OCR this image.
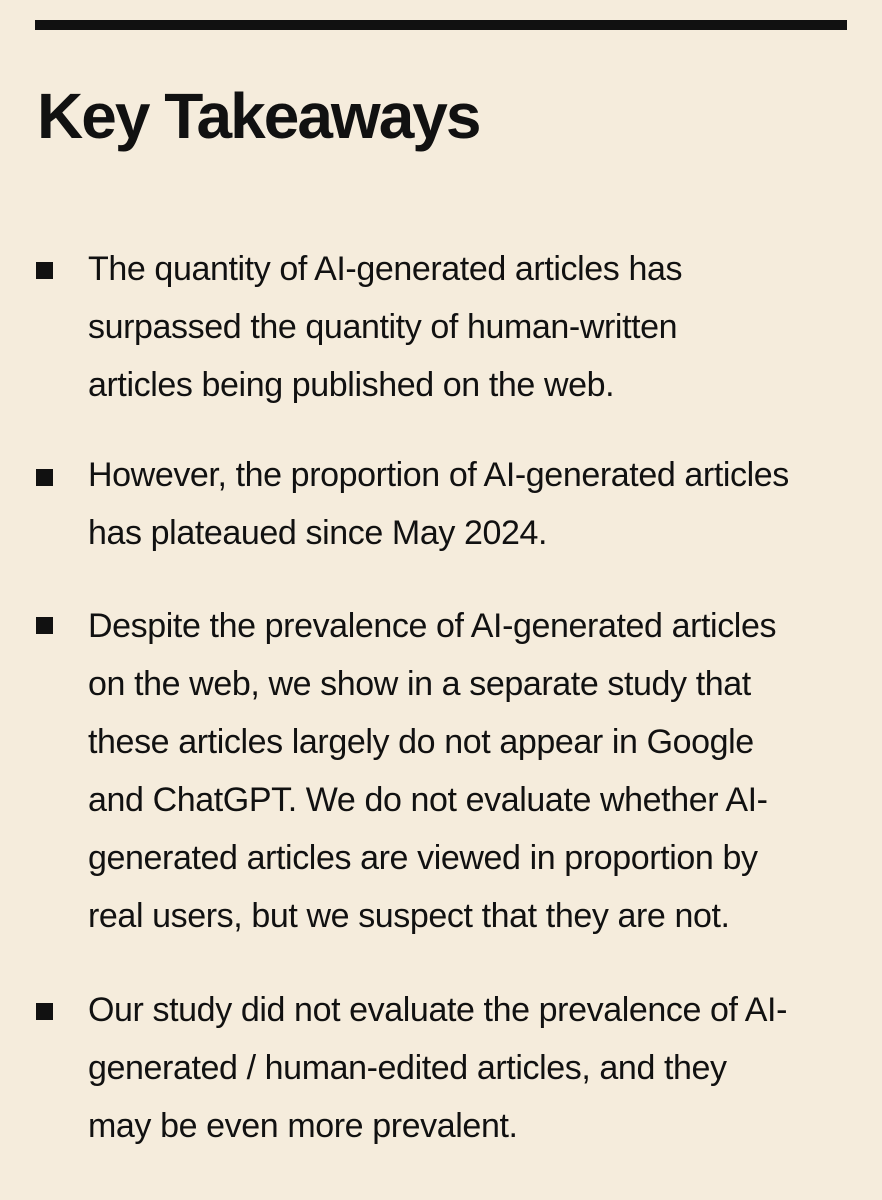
Key Takeaways

The quantity of AI-generated articles has
surpassed the quantity of human-written
articles being published on the web.

However, the proportion of AI-generated articles
has plateaued since May 2024.

Despite the prevalence of AI-generated articles
on the web, we show in a separate study that
these articles largely do not appear in Google
and ChatGPT. We do not evaluate whether AI-
generated articles are viewed in proportion by
real users, but we suspect that they are not.

Our study did not evaluate the prevalence of AI-
generated / human-edited articles, and they
may be even more prevalent.
